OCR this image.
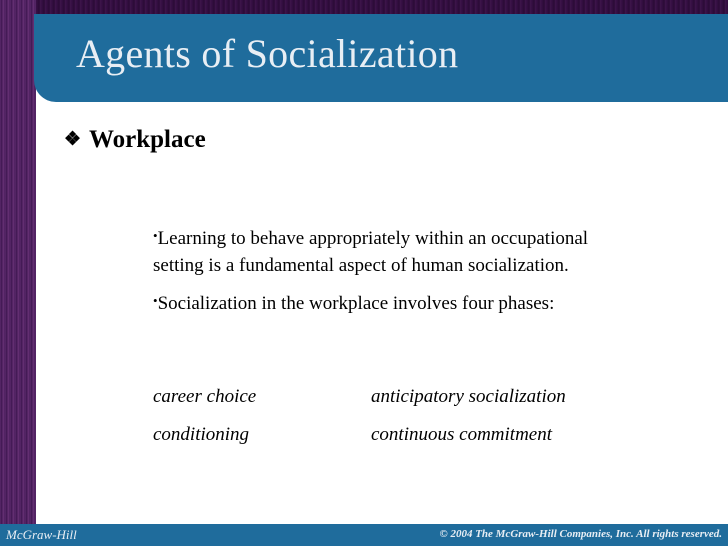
Agents of Socialization
❖ Workplace
•Learning to behave appropriately within an occupational setting is a fundamental aspect of human socialization.
•Socialization in the workplace involves four phases:
career choice	anticipatory socialization
conditioning	continuous commitment
McGraw-Hill	© 2004 The McGraw-Hill Companies, Inc. All rights reserved.
